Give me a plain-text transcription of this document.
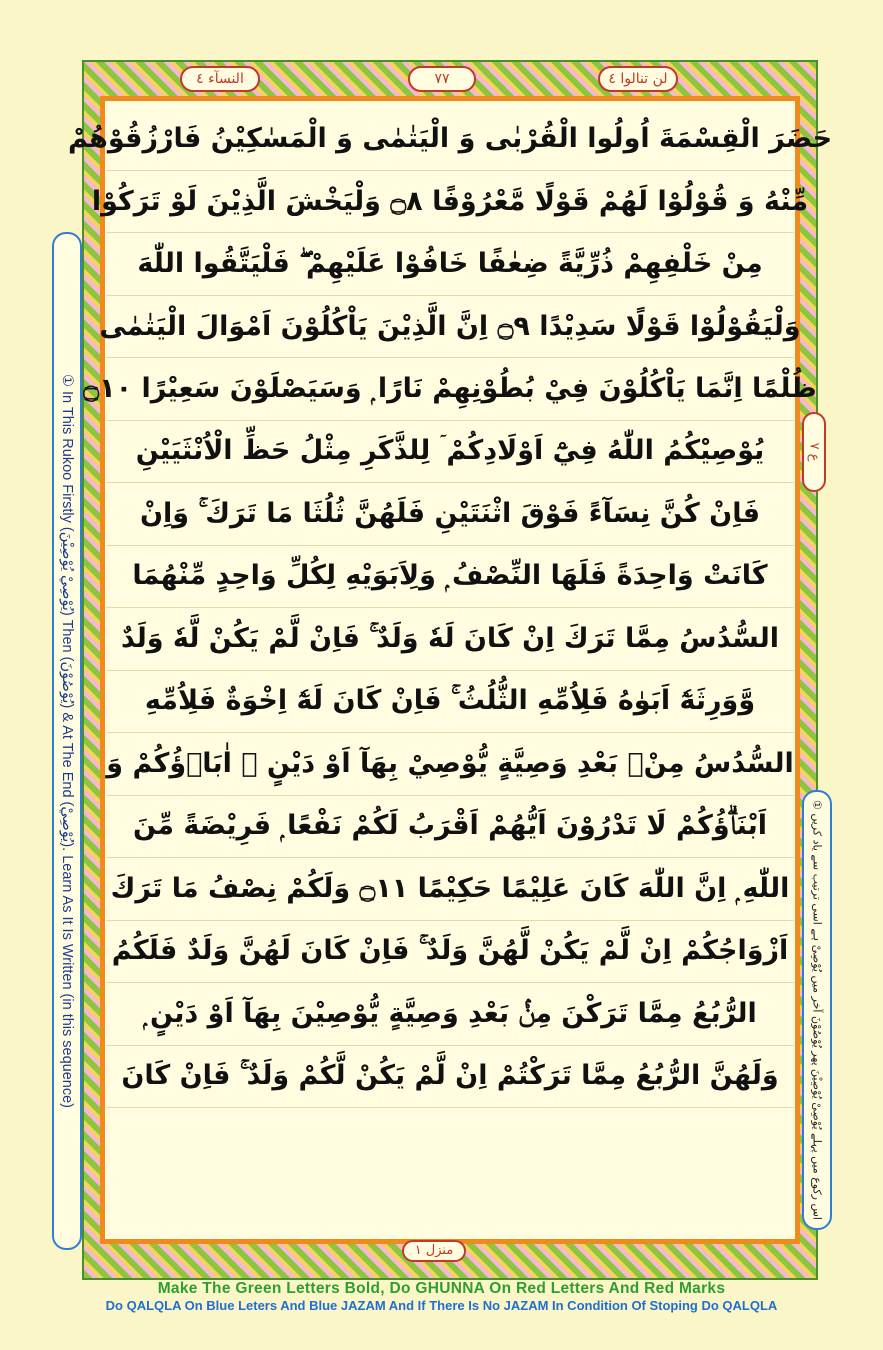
لن تنالوا ٤
٧٧
النسآء ٤
① In This Rukoo Firstly (يُوْصِيْ يُوْصِيْنَ) Then (يُوْصُوْنَ) & At The End (يُوْصِيْ). Learn As It Is Written (in this sequence)
ع ٧
① اس رکوع میں پہلے یُوْصِیْ یُوْصِیْنَ پھر یُوْصُوْنَ آخر میں یُوْصِیْ ہے اسی ترتیب سے یاد کریں
حَضَرَ الْقِسْمَةَ اُولُوا الْقُرْبٰى وَ الْيَتٰمٰى وَ الْمَسٰكِيْنُ فَارْزُقُوْهُمْ
مِّنْهُ وَ قُوْلُوْا لَهُمْ قَوْلًا مَّعْرُوْفًا ۝٨ وَلْيَخْشَ الَّذِيْنَ لَوْ تَرَكُوْا
مِنْ خَلْفِهِمْ ذُرِّيَّةً ضِعٰفًا خَافُوْا عَلَيْهِمْ ۖ فَلْيَتَّقُوا اللّٰهَ
وَلْيَقُوْلُوْا قَوْلًا سَدِيْدًا ۝٩ اِنَّ الَّذِيْنَ يَاْكُلُوْنَ اَمْوَالَ الْيَتٰمٰى
ظُلْمًا اِنَّمَا يَاْكُلُوْنَ فِيْ بُطُوْنِهِمْ نَارًا ۭ وَسَيَصْلَوْنَ سَعِيْرًا ۝١٠
يُوْصِيْكُمُ اللّٰهُ فِيْٓ اَوْلَادِكُمْ ۤ لِلذَّكَرِ مِثْلُ حَظِّ الْاُنْثَيَيْنِ
فَاِنْ كُنَّ نِسَآءً فَوْقَ اثْنَتَيْنِ فَلَهُنَّ ثُلُثَا مَا تَرَكَ ۚ وَاِنْ
كَانَتْ وَاحِدَةً فَلَهَا النِّصْفُ ۭ وَلِاَبَوَيْهِ لِكُلِّ وَاحِدٍ مِّنْهُمَا
السُّدُسُ مِمَّا تَرَكَ اِنْ كَانَ لَهٗ وَلَدٌ ۚ فَاِنْ لَّمْ يَكُنْ لَّهٗ وَلَدٌ
وَّوَرِثَهٗٓ اَبَوٰهُ فَلِاُمِّهِ الثُّلُثُ ۚ فَاِنْ كَانَ لَهٗٓ اِخْوَةٌ فَلِاُمِّهِ
السُّدُسُ مِنْۢ بَعْدِ وَصِيَّةٍ يُّوْصِيْ بِهَآ اَوْ دَيْنٍ ۭ اٰبَاۗؤُكُمْ وَ
اَبْنَاۗؤُكُمْ لَا تَدْرُوْنَ اَيُّهُمْ اَقْرَبُ لَكُمْ نَفْعًا ۭ فَرِيْضَةً مِّنَ
اللّٰهِ ۭ اِنَّ اللّٰهَ كَانَ عَلِيْمًا حَكِيْمًا ۝١١ وَلَكُمْ نِصْفُ مَا تَرَكَ
اَزْوَاجُكُمْ اِنْ لَّمْ يَكُنْ لَّهُنَّ وَلَدٌ ۚ فَاِنْ كَانَ لَهُنَّ وَلَدٌ فَلَكُمُ
الرُّبُعُ مِمَّا تَرَكْنَ مِنْۢ بَعْدِ وَصِيَّةٍ يُّوْصِيْنَ بِهَآ اَوْ دَيْنٍ ۭ
وَلَهُنَّ الرُّبُعُ مِمَّا تَرَكْتُمْ اِنْ لَّمْ يَكُنْ لَّكُمْ وَلَدٌ ۚ فَاِنْ كَانَ
منزل ١
Make The Green Letters Bold, Do GHUNNA On Red Letters And Red Marks
Do QALQLA On Blue Leters And Blue JAZAM And If There Is No JAZAM In Condition Of Stoping Do QALQLA
